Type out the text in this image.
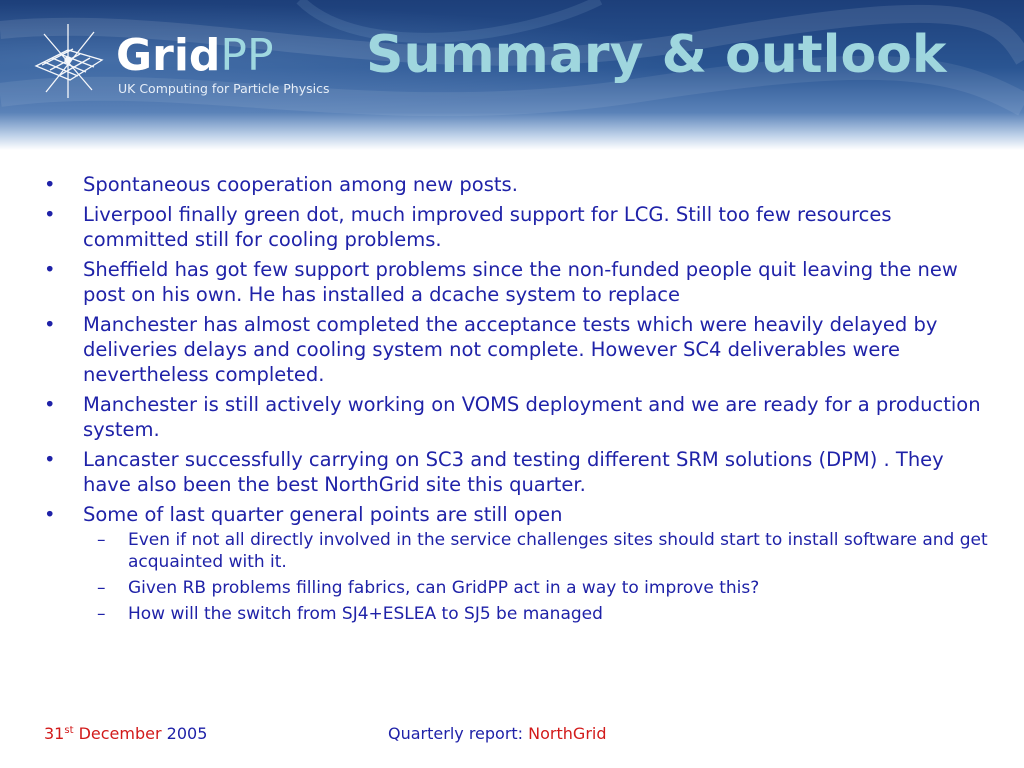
GridPP
UK Computing for Particle Physics
Summary & outlook
• Spontaneous cooperation among new posts.
• Liverpool finally green dot, much improved support for LCG. Still too few resources committed still for cooling problems.
• Sheffield has got few support problems since the non-funded people quit leaving the new post on his own. He has installed a dcache system to replace
• Manchester has almost completed the acceptance tests which were heavily delayed by deliveries delays and cooling system not complete. However SC4 deliverables were nevertheless completed.
• Manchester is still actively working on VOMS deployment and we are ready for a production system.
• Lancaster successfully carrying on SC3 and testing different SRM solutions (DPM) . They have also been the best NorthGrid site this quarter.
• Some of last quarter general points are still open
– Even if not all directly involved in the service challenges sites should start to install software and get acquainted with it.
– Given RB problems filling fabrics, can GridPP act in a way to improve this?
– How will the switch from SJ4+ESLEA to SJ5 be managed
31st December 2005	Quarterly report: NorthGrid
